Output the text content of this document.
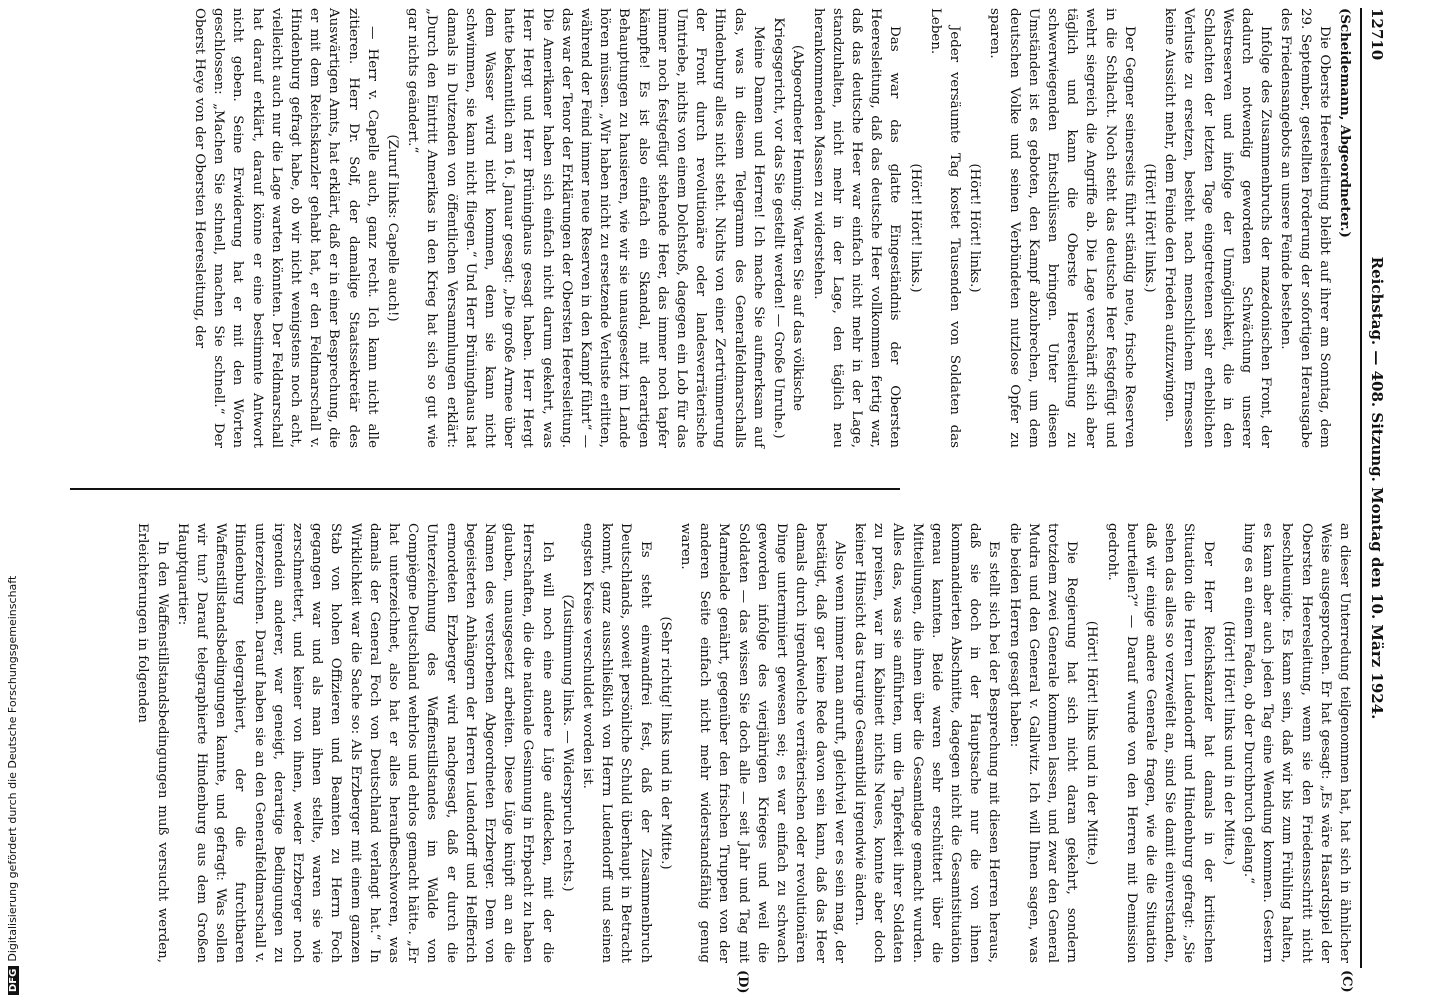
12710
Reichstag. — 408. Sitzung. Montag den 10. März 1924.
(C)
(D)

(Scheidemann, Abgeordneter.)

Die Oberste Heeresleitung bleibt auf ihrer am Sonntag, dem 29. September, gestellten Forderung der sofortigen Herausgabe des Friedensangebots an unsere Feinde bestehen.

Infolge des Zusammenbruchs der mazedonischen Front, der dadurch notwendig gewordenen Schwächung unserer Westreserven und infolge der Unmöglichkeit, die in den Schlachten der letzten Tage eingetretenen sehr erheblichen Verluste zu ersetzen, besteht nach menschlichem Ermessen keine Aussicht mehr, dem Feinde den Frieden aufzuzwingen.

(Hört! Hört! links.)

Der Gegner seinerseits führt ständig neue, frische Reserven in die Schlacht. Noch steht das deutsche Heer festgefügt und wehrt siegreich die Angriffe ab. Die Lage verschärft sich aber täglich und kann die Oberste Heeresleitung zu schwerwiegenden Entschlüssen bringen. Unter diesen Umständen ist es geboten, den Kampf abzubrechen, um dem deutschen Volke und seinen Verbündeten nutzlose Opfer zu sparen.

(Hört! Hört! links.)

Jeder versäumte Tag kostet Tausenden von Soldaten das Leben.

(Hört! Hört! links.)

Das war das glatte Eingeständnis der Obersten Heeresleitung, daß das deutsche Heer vollkommen fertig war, daß das deutsche Heer war einfach nicht mehr in der Lage, standzuhalten, nicht mehr in der Lage, den täglich neu herankommenden Massen zu widerstehen.

(Abgeordneter Henning: Warten Sie auf das völkische Kriegsgericht, vor das Sie gestellt werden! — Große Unruhe.)

Meine Damen und Herren! Ich mache Sie aufmerksam auf das, was in diesem Telegramm des Generalfeldmarschalls Hindenburg alles nicht steht. Nichts von einer Zertrümmerung der Front durch revolutionäre oder landesverräterische Umtriebe, nichts von einem Dolchstoß, dagegen ein Lob für das immer noch festgefügt stehende Heer, das immer noch tapfer kämpfte! Es ist also einfach ein Skandal, mit derartigen Behauptungen zu hausieren, wie wir sie unausgesetzt im Lande hören müssen. „Wir haben nicht zu ersetzende Verluste erlitten, während der Feind immer neue Reserven in den Kampf führt“ — das war der Tenor der Erklärungen der Obersten Heeresleitung. Die Amerikaner haben sich einfach nicht darum gekehrt, was Herr Hergt und Herr Brüninghaus gesagt haben. Herr Hergt hatte bekanntlich am 16. Januar gesagt: „Die große Armee über dem Wasser wird nicht kommen, denn sie kann nicht schwimmen, sie kann nicht fliegen.“ Und Herr Brüninghaus hat damals in Dutzenden von öffentlichen Versammlungen erklärt: „Durch den Eintritt Amerikas in den Krieg hat sich so gut wie gar nichts geändert.“

(Zuruf links: Capelle auch!)

— Herr v. Capelle auch, ganz recht. Ich kann nicht alle zitieren. Herr Dr. Solf, der damalige Staatssekretär des Auswärtigen Amts, hat erklärt, daß er in einer Besprechung, die er mit dem Reichskanzler gehabt hat, er den Feldmarschall v. Hindenburg gefragt habe, ob wir nicht wenigstens noch acht, vielleicht auch nur die Lage warten könnten. Der Feldmarschall hat darauf erklärt, darauf könne er eine bestimmte Antwort nicht geben. Seine Erwiderung hat er mit den Worten geschlossen: „Machen Sie schnell, machen Sie schnell.“ Der Oberst Heye von der Obersten Heeresleitung, der

an dieser Unterredung teilgenommen hat, hat sich in ähnlicher Weise ausgesprochen. Er hat gesagt: „Es wäre Hasardspiel der Obersten Heeresleitung, wenn sie den Friedensschritt nicht beschleunigte. Es kann sein, daß wir bis zum Frühling halten, es kann aber auch jeden Tag eine Wendung kommen. Gestern hing es an einem Faden, ob der Durchbruch gelang.“

(Hört! Hört! links und in der Mitte.)

Der Herr Reichskanzler hat damals in der kritischen Situation die Herren Ludendorff und Hindenburg gefragt: „Sie sehen das alles so verzweifelt an, sind Sie damit einverstanden, daß wir einige andere Generale fragen, wie die die Situation beurteilen?“ — Darauf wurde von den Herren mit Demission gedroht.

(Hört! Hört! links und in der Mitte.)

Die Regierung hat sich nicht daran gekehrt, sondern trotzdem zwei Generale kommen lassen, und zwar den General Mudra und den General v. Gallwitz. Ich will Ihnen sagen, was die beiden Herren gesagt haben:

Es stellt sich bei der Besprechung mit diesen Herren heraus, daß sie doch in der Hauptsache nur die von ihnen kommandierten Abschnitte, dagegen nicht die Gesamtsituation genau kannten. Beide waren sehr erschüttert über die Mitteilungen, die ihnen über die Gesamtlage gemacht wurden. Alles das, was sie anführten, um die Tapferkeit ihrer Soldaten zu preisen, war im Kabinett nichts Neues, konnte aber doch keiner Hinsicht das traurige Gesamtbild irgendwie ändern.

Also wenn immer man anruft, gleichviel wer es sein mag, der bestätigt, daß gar keine Rede davon sein kann, daß das Heer damals durch irgendwelche verräterischen oder revolutionären Dinge unterminiert gewesen sei; es war einfach zu schwach geworden infolge des vierjährigen Krieges und weil die Soldaten — das wissen Sie doch alle — seit Jahr und Tag mit Marmelade genährt, gegenüber den frischen Truppen von der anderen Seite einfach nicht mehr widerstandsfähig genug waren.

(Sehr richtig! links und in der Mitte.)

Es steht einwandfrei fest, daß der Zusammenbruch Deutschlands, soweit persönliche Schuld überhaupt in Betracht kommt, ganz ausschließlich von Herrn Ludendorff und seinen engsten Kreise verschuldet worden ist.

(Zustimmung links. — Widerspruch rechts.)

Ich will noch eine andere Lüge aufdecken, mit der die Herrschaften, die die nationale Gesinnung in Erbpacht zu haben glauben, unausgesetzt arbeiten. Diese Lüge knüpft an an die Namen des verstorbenen Abgeordneten Erzberger. Dem von begeisterten Anhängern der Herren Ludendorff und Helfferich ermordeten Erzberger wird nachgesagt, daß er durch die Unterzeichnung des Waffenstillstandes im Walde von Compiègne Deutschland wehrlos und ehrlos gemacht hätte. „Er hat unterzeichnet, also hat er alles heraufbeschworen, was damals der General Foch von Deutschland verlangt hat.“ In Wirklichkeit war die Sache so: Als Erzberger mit einem ganzen Stab von hohen Offizieren und Beamten zu Herrn Foch gegangen war und als man ihnen stellte, waren sie wie zerschmettert, und keiner von ihnen, weder Erzberger noch irgendein anderer, war geneigt, derartige Bedingungen zu unterzeichnen. Darauf haben sie an den Generalfeldmarschall v. Hindenburg telegraphiert, der die furchtbaren Waffenstillstandsbedingungen kannte, und gefragt: Was sollen wir tun? Darauf telegraphierte Hindenburg aus dem Großen Hauptquartier:

In den Waffenstillstandsbedingungen muß versucht werden, Erleichterungen in folgenden

DFGDigitalisierung gefördert durch die Deutsche Forschungsgemeinschaft
